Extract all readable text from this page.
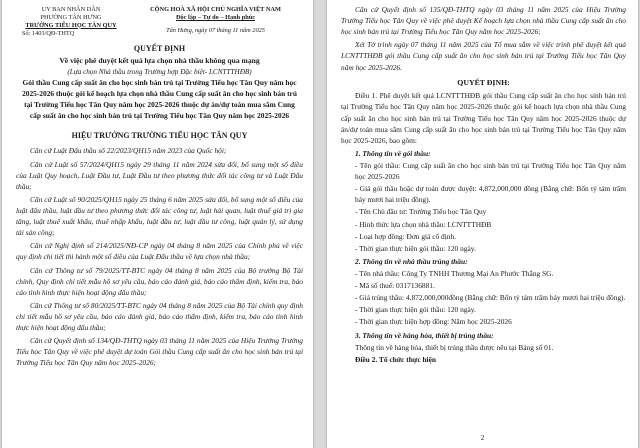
UY BAN NHÂN DÂN
PHƯỜNG TÂN HƯNG
TRƯỜNG TIỂU HỌC TÂN QUY
Số: 1403/QĐ-THTQ
CỘNG HOÀ XÃ HỘI CHỦ NGHĨA VIỆT NAM
Độc lập – Tự do – Hạnh phúc
Tân Hưng, ngày 07 tháng 11 năm 2025
QUYẾT ĐỊNH
Về việc phê duyệt kết quả lựa chọn nhà thầu không qua mạng
(Lựa chọn Nhà thầu trong Trường hợp Đặc biệt- LCNTTTHĐB)
Gói thầu Cung cấp suất ăn cho học sinh bán trú tại Trường Tiểu học Tân Quy năm học 2025-2026 thuộc gói kế hoạch lựa chọn nhà thầu Cung cấp suất ăn cho học sinh bán trú tại Trường Tiểu học Tân Quy năm học 2025-2026 thuộc dự án/dự toán mua sắm Cung cấp suất ăn cho học sinh bán trú tại Trường Tiểu học Tân Quy năm học 2025-2026
HIỆU TRƯỞNG TRƯỜNG TIỂU HỌC TÂN QUY

Căn cứ Luật Đấu thầu số 22/2023/QH15 năm 2023 của Quốc hội;

Căn cứ Luật số 57/2024/QH15 ngày 29 tháng 11 năm 2024 sửa đổi, bổ sung một số điều của Luật Quy hoạch, Luật Đầu tư, Luật Đầu tư theo phương thức đối tác công tư và Luật Đấu thầu;

Căn cứ Luật số 90/2025/QH15 ngày 25 tháng 6 năm 2025 sửa đổi, bổ sung một số điều của luật đấu thầu, luật đầu tư theo phương thức đối tác công tư, luật hải quan, luật thuế giá trị gia tăng, luật thuế xuất khẩu, thuế nhập khẩu, luật đầu tư, luật đầu tư công, luật quản lý, sử dụng tài sản công;

Căn cứ Nghị định số 214/2025/NĐ-CP ngày 04 tháng 8 năm 2025 của Chính phủ về việc quy định chi tiết thi hành một số điều của Luật Đấu thầu về lựa chọn nhà thầu;

Căn cứ Thông tư số 79/2025/TT-BTC ngày 04 tháng 8 năm 2025 của Bộ trưởng Bộ Tài chính, Quy định chi tiết mẫu hồ sơ yêu cầu, báo cáo đánh giá, báo cáo thẩm định, kiểm tra, báo cáo tình hình thực hiện hoạt động đấu thầu;

Căn cứ Thông tư số 80/2025/TT-BTC ngày 04 tháng 8 năm 2025 của Bộ Tài chính quy định chi tiết mẫu hồ sơ yêu cầu, báo cáo đánh giá, báo cáo thẩm định, kiểm tra, báo cáo tình hình thực hiện hoạt động đấu thầu;

Căn cứ Quyết định số 134/QĐ-THTQ ngày 03 tháng 11 năm 2025 của Hiệu Trưởng Trường Tiểu học Tân Quy về việc phê duyệt dự toán Gói thầu Cung cấp suất ăn cho học sinh bán trú tại Trường Tiểu học Tân Quy năm học 2025-2026;

Căn cứ Quyết định số 135/QĐ-THTQ ngày 03 tháng 11 năm 2025 của Hiệu Trưởng Trường Tiểu học Tân Quy về việc phê duyệt Kế hoạch lựa chọn nhà thầu Cung cấp suất ăn cho học sinh bán trú tại Trường Tiểu học Tân Quy năm học 2025-2026;

Xét Tờ trình ngày 07 tháng 11 năm 2025 của Tổ mua sắm về việc trình phê duyệt kết quả LCNTTTHĐB gói thầu Cung cấp suất ăn cho học sinh bán trú tại Trường Tiểu học Tân Quy năm học 2025-2026.

QUYẾT ĐỊNH:

Điều 1. Phê duyệt kết quả LCNTTTHĐB gói thầu Cung cấp suất ăn cho học sinh bán trú tại Trường Tiểu học Tân Quy năm học 2025-2026 thuộc gói kế hoạch lựa chọn nhà thầu Cung cấp suất ăn cho học sinh bán trú tại Trường Tiểu học Tân Quy năm học 2025-2026 thuộc dự án/dự toán mua sắm Cung cấp suất ăn cho học sinh bán trú tại Trường Tiểu học Tân Quy năm học 2025-2026, bao gồm:

1. Thông tin về gói thầu:
- Tên gói thầu: Cung cấp suất ăn cho học sinh bán trú tại Trường Tiểu học Tân Quy năm học 2025-2026
- Giá gói thầu hoặc dự toán được duyệt: 4,872,000,000 đồng (Bằng chữ: Bốn tỷ tám trăm bảy mươi hai triệu đồng).
- Tên Chủ đầu tư: Trường Tiểu học Tân Quy
- Hình thức lựa chọn nhà thầu: LCNTTTHĐB
- Loại hợp đồng: Đơn giá cố định.
- Thời gian thực hiện gói thầu: 120 ngày.
2. Thông tin về nhà thầu trúng thầu:
- Tên nhà thầu: Công Ty TNHH Thương Mại An Phước Thắng SG.
- Mã số thuế: 0317136881.
- Giá trúng thầu: 4,872,000,000đồng (Bằng chữ: Bốn tỷ tám trăm bảy mươi hai triệu đồng).
- Thời gian thực hiện gói thầu: 120 ngày.
- Thời gian thực hiện hợp đồng: Năm học 2025-2026
3. Thông tin về hàng hóa, thiết bị trúng thầu:
Thông tin về hàng hóa, thiết bị trúng thầu được nêu tại Bảng số 01.
Điều 2. Tổ chức thực hiện
2
